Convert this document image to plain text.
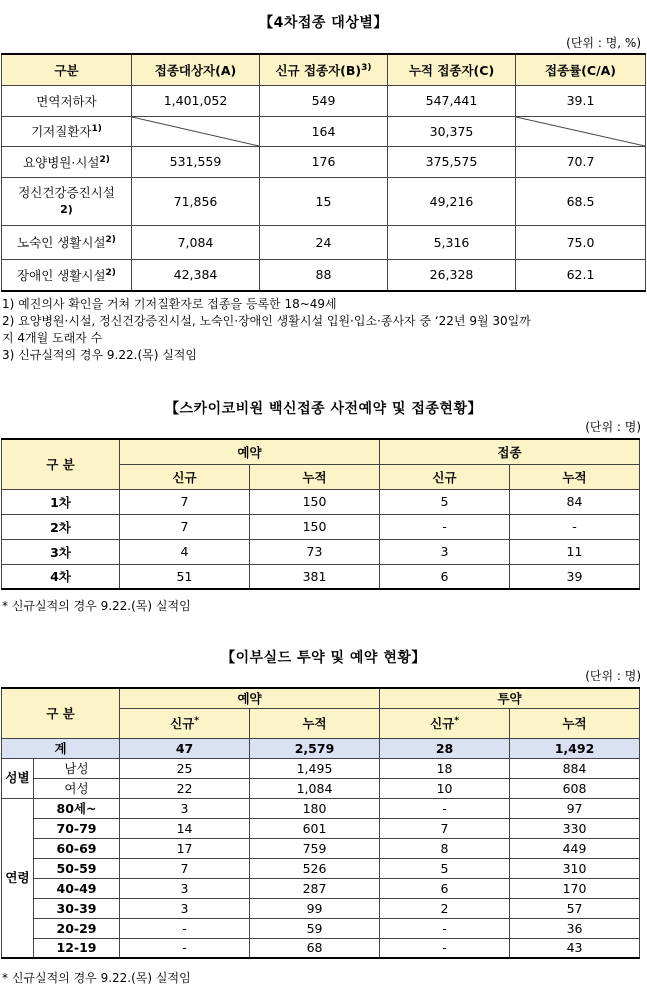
【4차접종 대상별】
(단위 : 명, %)
구분	접종대상자(A)	신규 접종자$(B)^{3)}$	누적 접종자(C)	접종률(C/A)
면역저하자	1,401,052	549	547,441	39.1
기저질환자$^{1)}$		164	30,375	

요양병원·시설$^{2)}$	531,559	176	375,575	70.7
정신건강증진시설
2)	71,856	15	49,216	68.5
노숙인 생활시설$^{2)}$	7,084	24	5,316	75.0
장애인 생활시설$^{2)}$	42,384	88	26,328	62.1
1) 예진의사 확인을 거쳐 기저질환자로 접종을 등록한 18~49세
2) 요양병원·시설, 정신건강증진시설, 노숙인·장애인 생활시설 입원·입소·종사자 중 ‘22년 9월 30일까
지 4개월 도래자 수
3) 신규실적의 경우 9.22.(목) 실적임
【스카이코비원 백신접종 사전예약 및 접종현황】
(단위 : 명)
구 분	예약		접종	
	신규	누적	신규	누적
1차	7	150	5	84
2차	7	150	-	-
3차	4	73	3	11
4차	51	381	6	39
* 신규실적의 경우 9.22.(목) 실적임
【이부실드 투약 및 예약 현황】
(단위 : 명)
구 분		예약		투약	
		신규*	누적	신규*	누적
계		47	2,579	28	1,492
성별	남성	25	1,495	18	884
	여성	22	1,084	10	608
연령	80세~	3	180	-	97
	70-79	14	601	7	330
	60-69	17	759	8	449
	50-59	7	526	5	310
	40-49	3	287	6	170
	30-39	3	99	2	57
	20-29	-	59	-	36
	12-19	-	68	-	43
* 신규실적의 경우 9.22.(목) 실적임
